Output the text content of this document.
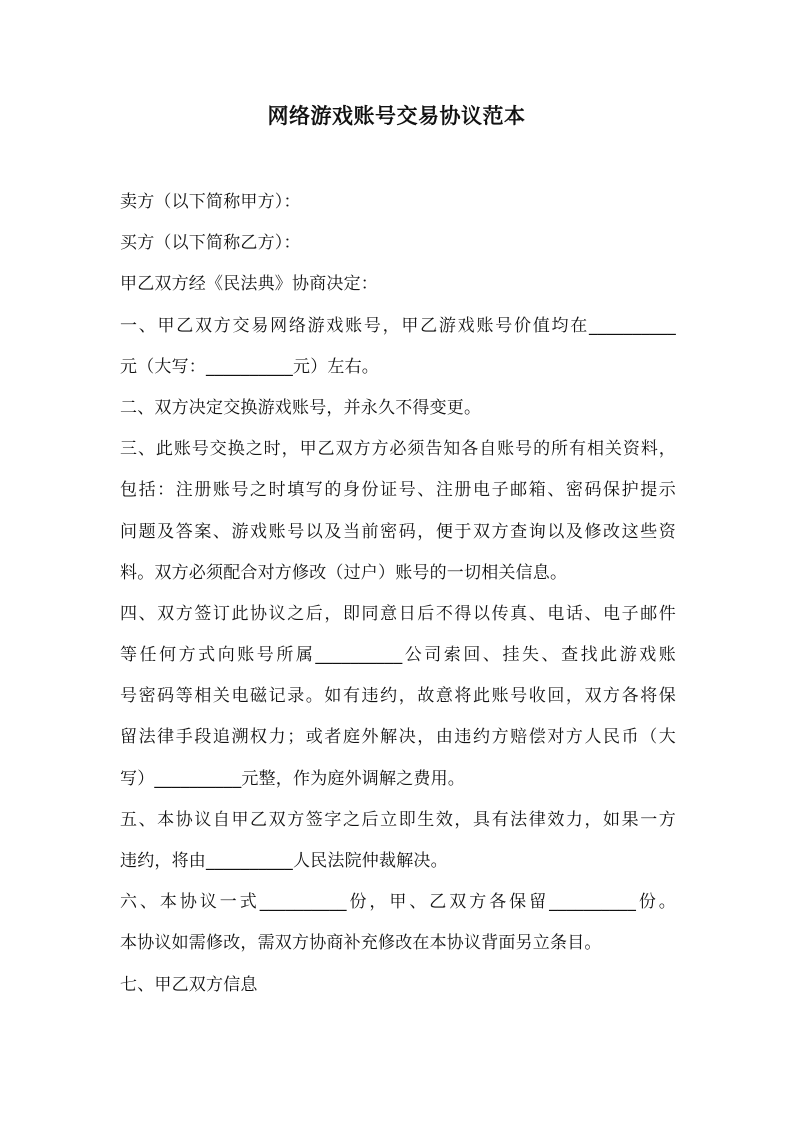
网络游戏账号交易协议范本
卖方（以下简称甲方）：
买方（以下简称乙方）：
甲乙双方经《民法典》协商决定：
一、甲乙双方交易网络游戏账号，甲乙游戏账号价值均在__________
元（大写：__________元）左右。
二、双方决定交换游戏账号，并永久不得变更。
三、此账号交换之时，甲乙双方方必须告知各自账号的所有相关资料，
包括：注册账号之时填写的身份证号、注册电子邮箱、密码保护提示
问题及答案、游戏账号以及当前密码，便于双方查询以及修改这些资
料。双方必须配合对方修改（过户）账号的一切相关信息。
四、双方签订此协议之后，即同意日后不得以传真、电话、电子邮件
等任何方式向账号所属__________公司索回、挂失、查找此游戏账
号密码等相关电磁记录。如有违约，故意将此账号收回，双方各将保
留法律手段追溯权力；或者庭外解决，由违约方赔偿对方人民币（大
写）__________元整，作为庭外调解之费用。
五、本协议自甲乙双方签字之后立即生效，具有法律效力，如果一方
违约，将由__________人民法院仲裁解决。
六、本协议一式__________份，甲、乙双方各保留__________份。
本协议如需修改，需双方协商补充修改在本协议背面另立条目。
七、甲乙双方信息
